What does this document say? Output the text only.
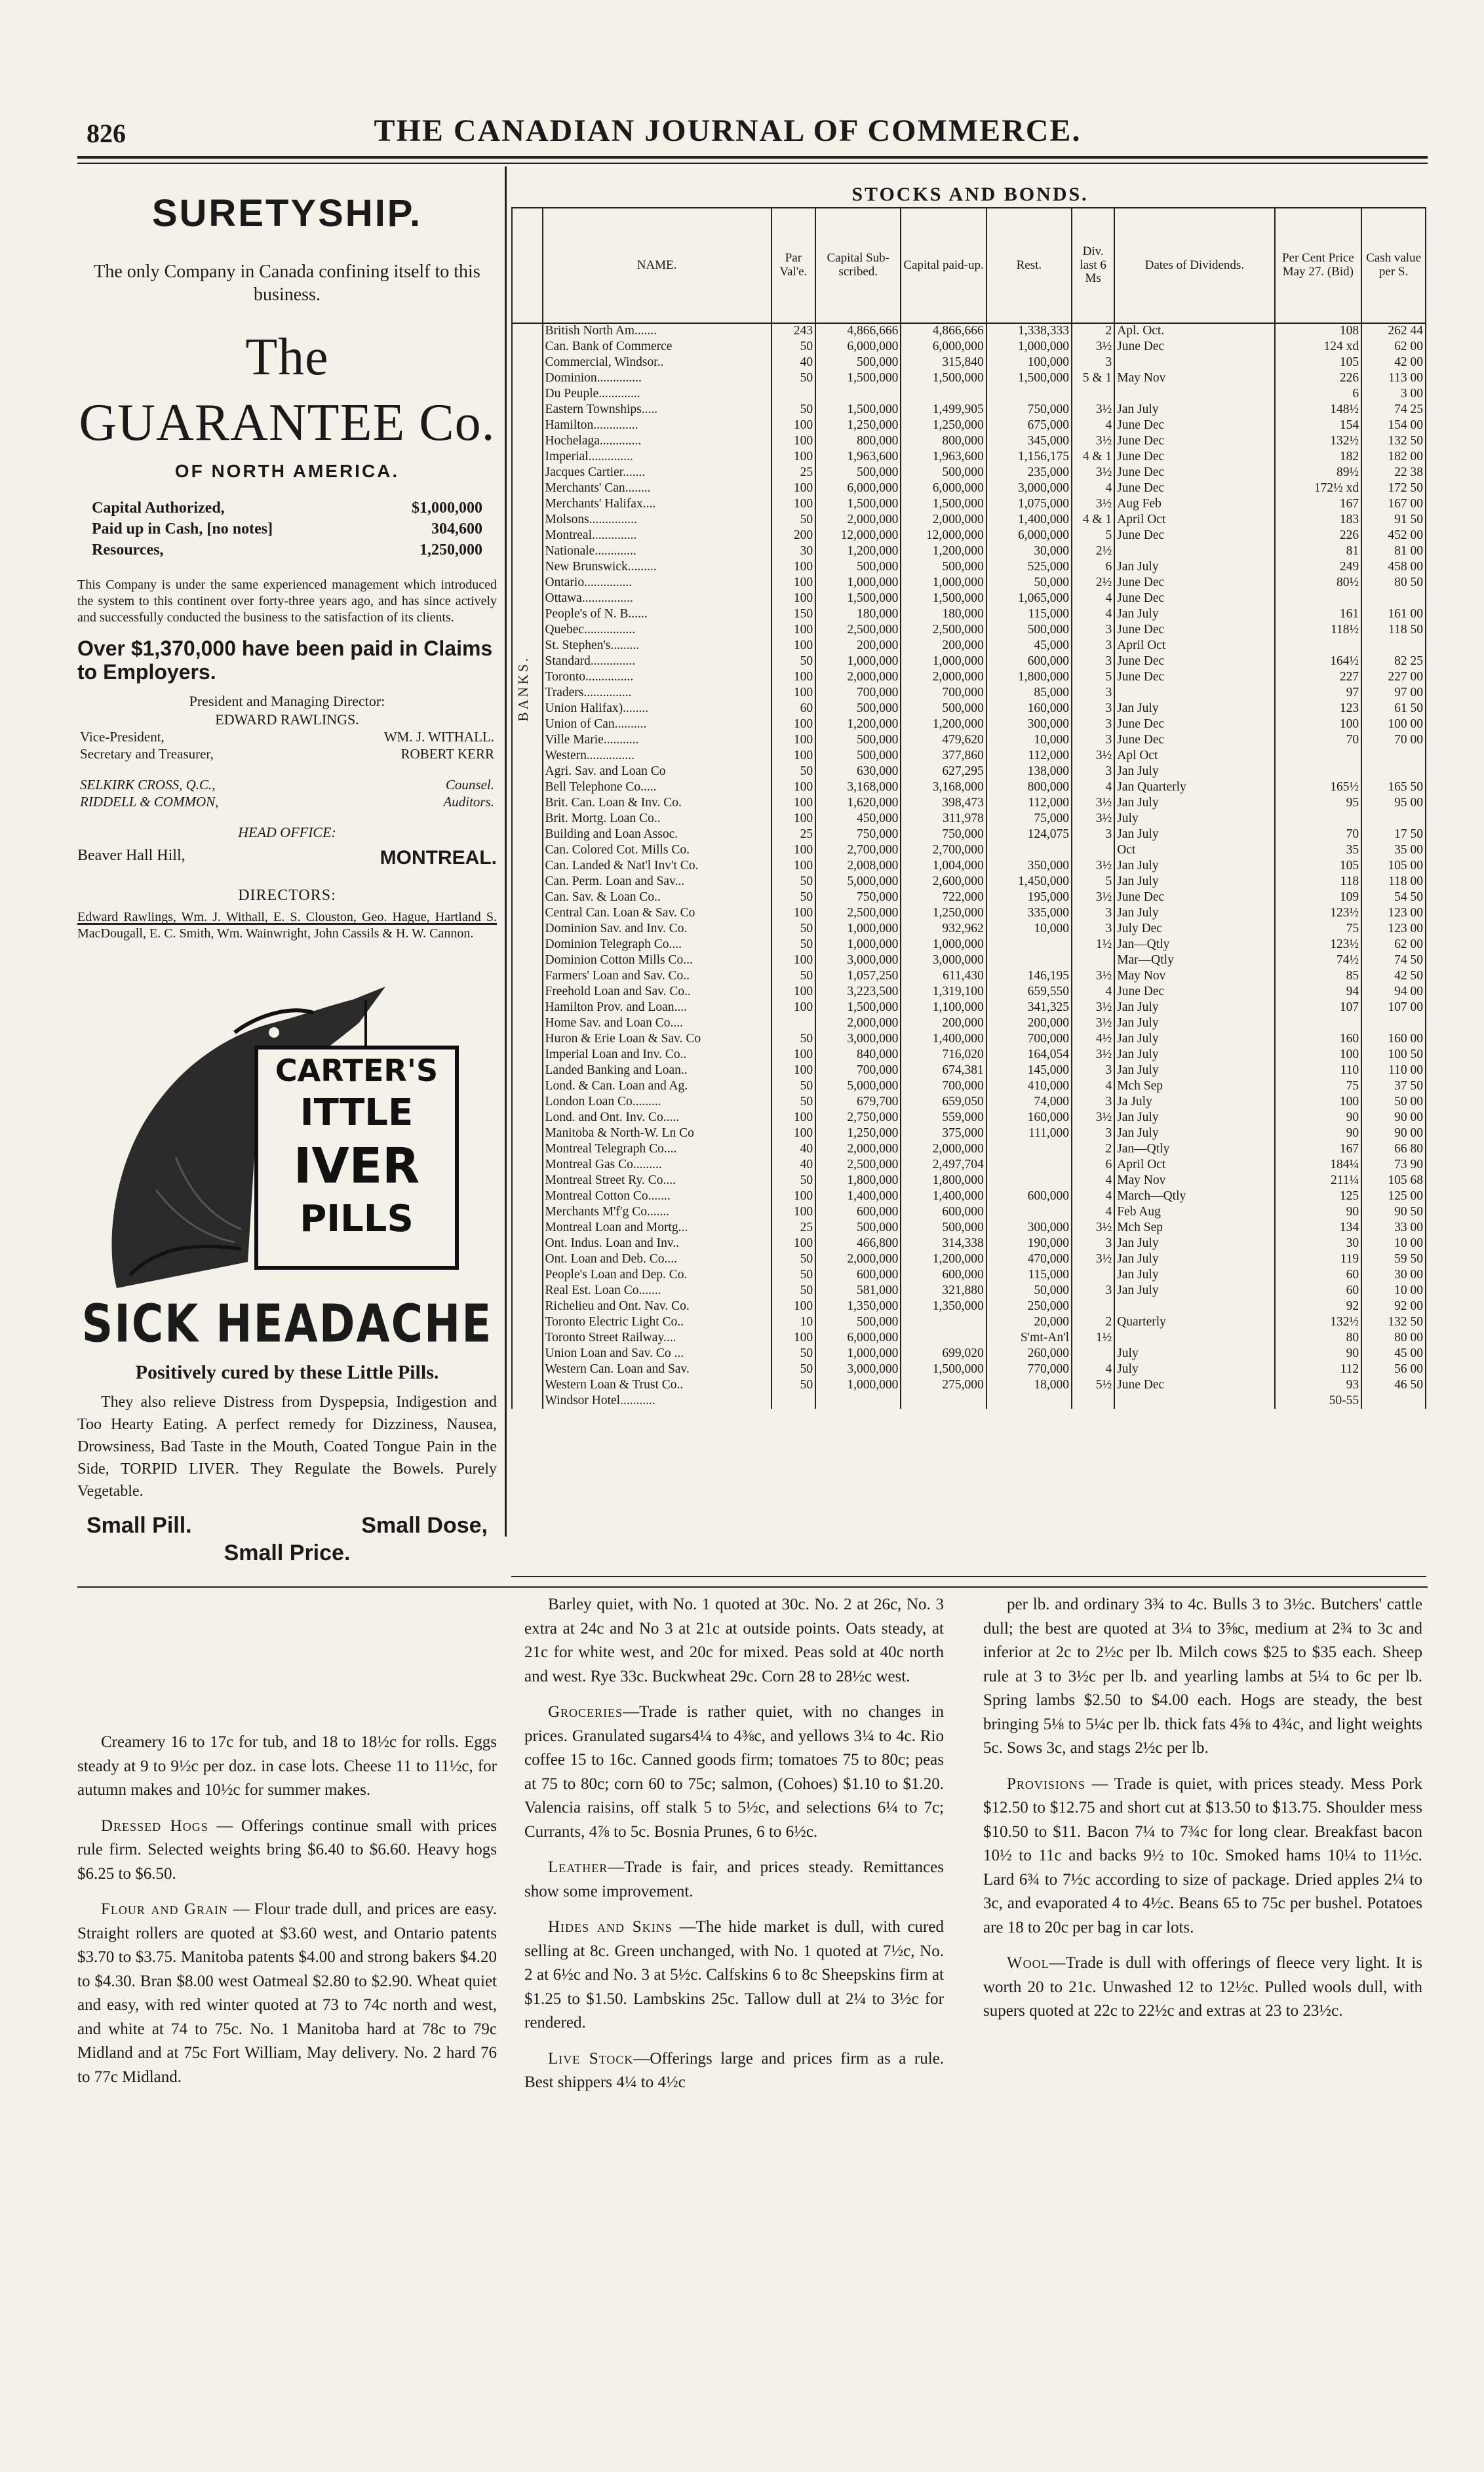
826	THE CANADIAN JOURNAL OF COMMERCE.
SURETYSHIP.
The only Company in Canada confining itself to this business.
The GUARANTEE Co.
OF NORTH AMERICA.
Capital Authorized,	$1,000,000
Paid up in Cash, [no notes]	304,600
Resources,	1,250,000
This Company is under the same experienced management which introduced the system to this continent over forty-three years ago, and has since actively and successfully conducted the business to the satisfaction of its clients.
Over $1,370,000 have been paid in Claims to Employers.
President and Managing Director:
EDWARD RAWLINGS.
Vice-President,	WM. J. WITHALL.
Secretary and Treasurer,	ROBERT KERR
SELKIRK CROSS, Q.C.,	Counsel.
RIDDELL & COMMON,	Auditors.
HEAD OFFICE:
Beaver Hall Hill,	MONTREAL.
DIRECTORS:
Edward Rawlings, Wm. J. Withall, E. S. Clouston, Geo. Hague, Hartland S. MacDougall, E. C. Smith, Wm. Wainwright, John Cassils & H. W. Cannon.
CARTER'S
ITTLE
IVER
PILLS
SICK HEADACHE
Positively cured by these Little Pills.
They also relieve Distress from Dyspepsia, Indigestion and Too Hearty Eating. A perfect remedy for Dizziness, Nausea, Drowsiness, Bad Taste in the Mouth, Coated Tongue Pain in the Side, TORPID LIVER. They Regulate the Bowels. Purely Vegetable.
Small Pill.	Small Dose,
Small Price.
STOCKS AND BONDS.
	NAME.	Par Val'e.	Capital Sub-scribed.	Capital paid-up.	Rest.	Div. last 6 Ms	Dates of Dividends.	Per Cent Price May 27. (Bid)	Cash value per S.
	British North Am.......	243	4,866,666	4,866,666	1,338,333	2	Apl. Oct.	108	262 44
	Can. Bank of Commerce	50	6,000,000	6,000,000	1,000,000	3½	June Dec	124 xd	62 00
	Commercial, Windsor..	40	500,000	315,840	100,000	3		105	42 00
	Dominion..............	50	1,500,000	1,500,000	1,500,000	5 & 1	May Nov	226	113 00
	Du Peuple.............							6	3 00
	Eastern Townships.....	50	1,500,000	1,499,905	750,000	3½	Jan July	148½	74 25
	Hamilton..............	100	1,250,000	1,250,000	675,000	4	June Dec	154	154 00
	Hochelaga.............	100	800,000	800,000	345,000	3½	June Dec	132½	132 50
	Imperial..............	100	1,963,600	1,963,600	1,156,175	4 & 1	June Dec	182	182 00
	Jacques Cartier.......	25	500,000	500,000	235,000	3½	June Dec	89½	22 38
	Merchants' Can........	100	6,000,000	6,000,000	3,000,000	4	June Dec	172½ xd	172 50
	Merchants' Halifax....	100	1,500,000	1,500,000	1,075,000	3½	Aug Feb	167	167 00
	Molsons...............	50	2,000,000	2,000,000	1,400,000	4 & 1	April Oct	183	91 50
	Montreal..............	200	12,000,000	12,000,000	6,000,000	5	June Dec	226	452 00
	Nationale.............	30	1,200,000	1,200,000	30,000	2½		81	81 00
	New Brunswick.........	100	500,000	500,000	525,000	6	Jan July	249	458 00
	Ontario...............	100	1,000,000	1,000,000	50,000	2½	June Dec	80½	80 50
	Ottawa................	100	1,500,000	1,500,000	1,065,000	4	June Dec		
	People's of N. B......	150	180,000	180,000	115,000	4	Jan July	161	161 00
	Quebec................	100	2,500,000	2,500,000	500,000	3	June Dec	118½	118 50
	St. Stephen's.........	100	200,000	200,000	45,000	3	April Oct		
	Standard..............	50	1,000,000	1,000,000	600,000	3	June Dec	164½	82 25
	Toronto...............	100	2,000,000	2,000,000	1,800,000	5	June Dec	227	227 00
	Traders...............	100	700,000	700,000	85,000	3		97	97 00
	Union Halifax)........	60	500,000	500,000	160,000	3	Jan July	123	61 50
	Union of Can..........	100	1,200,000	1,200,000	300,000	3	June Dec	100	100 00
	Ville Marie...........	100	500,000	479,620	10,000	3	June Dec	70	70 00
	Western...............	100	500,000	377,860	112,000	3½	Apl Oct		
	Agri. Sav. and Loan Co	50	630,000	627,295	138,000	3	Jan July		
	Bell Telephone Co.....	100	3,168,000	3,168,000	800,000	4	Jan Quarterly	165½	165 50
	Brit. Can. Loan & Inv. Co.	100	1,620,000	398,473	112,000	3½	Jan July	95	95 00
	Brit. Mortg. Loan Co..	100	450,000	311,978	75,000	3½	July		
	Building and Loan Assoc.	25	750,000	750,000	124,075	3	Jan July	70	17 50
	Can. Colored Cot. Mills Co.	100	2,700,000	2,700,000			Oct	35	35 00
	Can. Landed & Nat'l Inv't Co.	100	2,008,000	1,004,000	350,000	3½	Jan July	105	105 00
	Can. Perm. Loan and Sav...	50	5,000,000	2,600,000	1,450,000	5	Jan July	118	118 00
	Can. Sav. & Loan Co..	50	750,000	722,000	195,000	3½	June Dec	109	54 50
	Central Can. Loan & Sav. Co	100	2,500,000	1,250,000	335,000	3	Jan July	123½	123 00
	Dominion Sav. and Inv. Co.	50	1,000,000	932,962	10,000	3	July Dec	75	123 00
	Dominion Telegraph Co....	50	1,000,000	1,000,000		1½	Jan—Qtly	123½	62 00
	Dominion Cotton Mills Co...	100	3,000,000	3,000,000			Mar—Qtly	74½	74 50
	Farmers' Loan and Sav. Co..	50	1,057,250	611,430	146,195	3½	May Nov	85	42 50
	Freehold Loan and Sav. Co..	100	3,223,500	1,319,100	659,550	4	June Dec	94	94 00
	Hamilton Prov. and Loan....	100	1,500,000	1,100,000	341,325	3½	Jan July	107	107 00
	Home Sav. and Loan Co....		2,000,000	200,000	200,000	3½	Jan July		
	Huron & Erie Loan & Sav. Co	50	3,000,000	1,400,000	700,000	4½	Jan July	160	160 00
	Imperial Loan and Inv. Co..	100	840,000	716,020	164,054	3½	Jan July	100	100 50
	Landed Banking and Loan..	100	700,000	674,381	145,000	3	Jan July	110	110 00
	Lond. & Can. Loan and Ag.	50	5,000,000	700,000	410,000	4	Mch Sep	75	37 50
	London Loan Co.........	50	679,700	659,050	74,000	3	Ja July	100	50 00
	Lond. and Ont. Inv. Co.....	100	2,750,000	559,000	160,000	3½	Jan July	90	90 00
	Manitoba & North-W. Ln Co	100	1,250,000	375,000	111,000	3	Jan July	90	90 00
	Montreal Telegraph Co....	40	2,000,000	2,000,000		2	Jan—Qtly	167	66 80
	Montreal Gas Co.........	40	2,500,000	2,497,704		6	April Oct	184¼	73 90
	Montreal Street Ry. Co....	50	1,800,000	1,800,000		4	May Nov	211¼	105 68
	Montreal Cotton Co.......	100	1,400,000	1,400,000	600,000	4	March—Qtly	125	125 00
	Merchants M'f'g Co.......	100	600,000	600,000		4	Feb Aug	90	90 50
	Montreal Loan and Mortg...	25	500,000	500,000	300,000	3½	Mch Sep	134	33 00
	Ont. Indus. Loan and Inv..	100	466,800	314,338	190,000	3	Jan July	30	10 00
	Ont. Loan and Deb. Co....	50	2,000,000	1,200,000	470,000	3½	Jan July	119	59 50
	People's Loan and Dep. Co.	50	600,000	600,000	115,000		Jan July	60	30 00
	Real Est. Loan Co.......	50	581,000	321,880	50,000	3	Jan July	60	10 00
	Richelieu and Ont. Nav. Co.	100	1,350,000	1,350,000	250,000			92	92 00
	Toronto Electric Light Co..	10	500,000		20,000	2	Quarterly	132½	132 50
	Toronto Street Railway....	100	6,000,000		S'mt-An'l	1½		80	80 00
	Union Loan and Sav. Co ...	50	1,000,000	699,020	260,000		July	90	45 00
	Western Can. Loan and Sav.	50	3,000,000	1,500,000	770,000	4	July	112	56 00
	Western Loan & Trust Co..	50	1,000,000	275,000	18,000	5½	June Dec	93	46 50
	Windsor Hotel...........							50-55	
BANKS.

Creamery 16 to 17c for tub, and 18 to 18½c for rolls. Eggs steady at 9 to 9½c per doz. in case lots. Cheese 11 to 11½c, for autumn makes and 10½c for summer makes.

Dressed Hogs — Offerings continue small with prices rule firm. Selected weights bring $6.40 to $6.60. Heavy hogs $6.25 to $6.50.

Flour and Grain — Flour trade dull, and prices are easy. Straight rollers are quoted at $3.60 west, and Ontario patents $3.70 to $3.75. Manitoba patents $4.00 and strong bakers $4.20 to $4.30. Bran $8.00 west Oatmeal $2.80 to $2.90. Wheat quiet and easy, with red winter quoted at 73 to 74c north and west, and white at 74 to 75c. No. 1 Manitoba hard at 78c to 79c Midland and at 75c Fort William, May delivery. No. 2 hard 76 to 77c Midland.

Barley quiet, with No. 1 quoted at 30c. No. 2 at 26c, No. 3 extra at 24c and No 3 at 21c at outside points. Oats steady, at 21c for white west, and 20c for mixed. Peas sold at 40c north and west. Rye 33c. Buckwheat 29c. Corn 28 to 28½c west.

Groceries—Trade is rather quiet, with no changes in prices. Granulated sugars4¼ to 4⅜c, and yellows 3¼ to 4c. Rio coffee 15 to 16c. Canned goods firm; tomatoes 75 to 80c; peas at 75 to 80c; corn 60 to 75c; salmon, (Cohoes) $1.10 to $1.20. Valencia raisins, off stalk 5 to 5½c, and selections 6¼ to 7c; Currants, 4⅞ to 5c. Bosnia Prunes, 6 to 6½c.

Leather—Trade is fair, and prices steady. Remittances show some improvement.

Hides and Skins —The hide market is dull, with cured selling at 8c. Green unchanged, with No. 1 quoted at 7½c, No. 2 at 6½c and No. 3 at 5½c. Calfskins 6 to 8c Sheepskins firm at $1.25 to $1.50. Lambskins 25c. Tallow dull at 2¼ to 3½c for rendered.

Live Stock—Offerings large and prices firm as a rule. Best shippers 4¼ to 4½c

per lb. and ordinary 3¾ to 4c. Bulls 3 to 3½c. Butchers' cattle dull; the best are quoted at 3¼ to 3⅝c, medium at 2¾ to 3c and inferior at 2c to 2½c per lb. Milch cows $25 to $35 each. Sheep rule at 3 to 3½c per lb. and yearling lambs at 5¼ to 6c per lb. Spring lambs $2.50 to $4.00 each. Hogs are steady, the best bringing 5⅛ to 5¼c per lb. thick fats 4⅝ to 4¾c, and light weights 5c. Sows 3c, and stags 2½c per lb.

Provisions — Trade is quiet, with prices steady. Mess Pork $12.50 to $12.75 and short cut at $13.50 to $13.75. Shoulder mess $10.50 to $11. Bacon 7¼ to 7¾c for long clear. Breakfast bacon 10½ to 11c and backs 9½ to 10c. Smoked hams 10¼ to 11½c. Lard 6¾ to 7½c according to size of package. Dried apples 2¼ to 3c, and evaporated 4 to 4½c. Beans 65 to 75c per bushel. Potatoes are 18 to 20c per bag in car lots.

Wool—Trade is dull with offerings of fleece very light. It is worth 20 to 21c. Unwashed 12 to 12½c. Pulled wools dull, with supers quoted at 22c to 22½c and extras at 23 to 23½c.
